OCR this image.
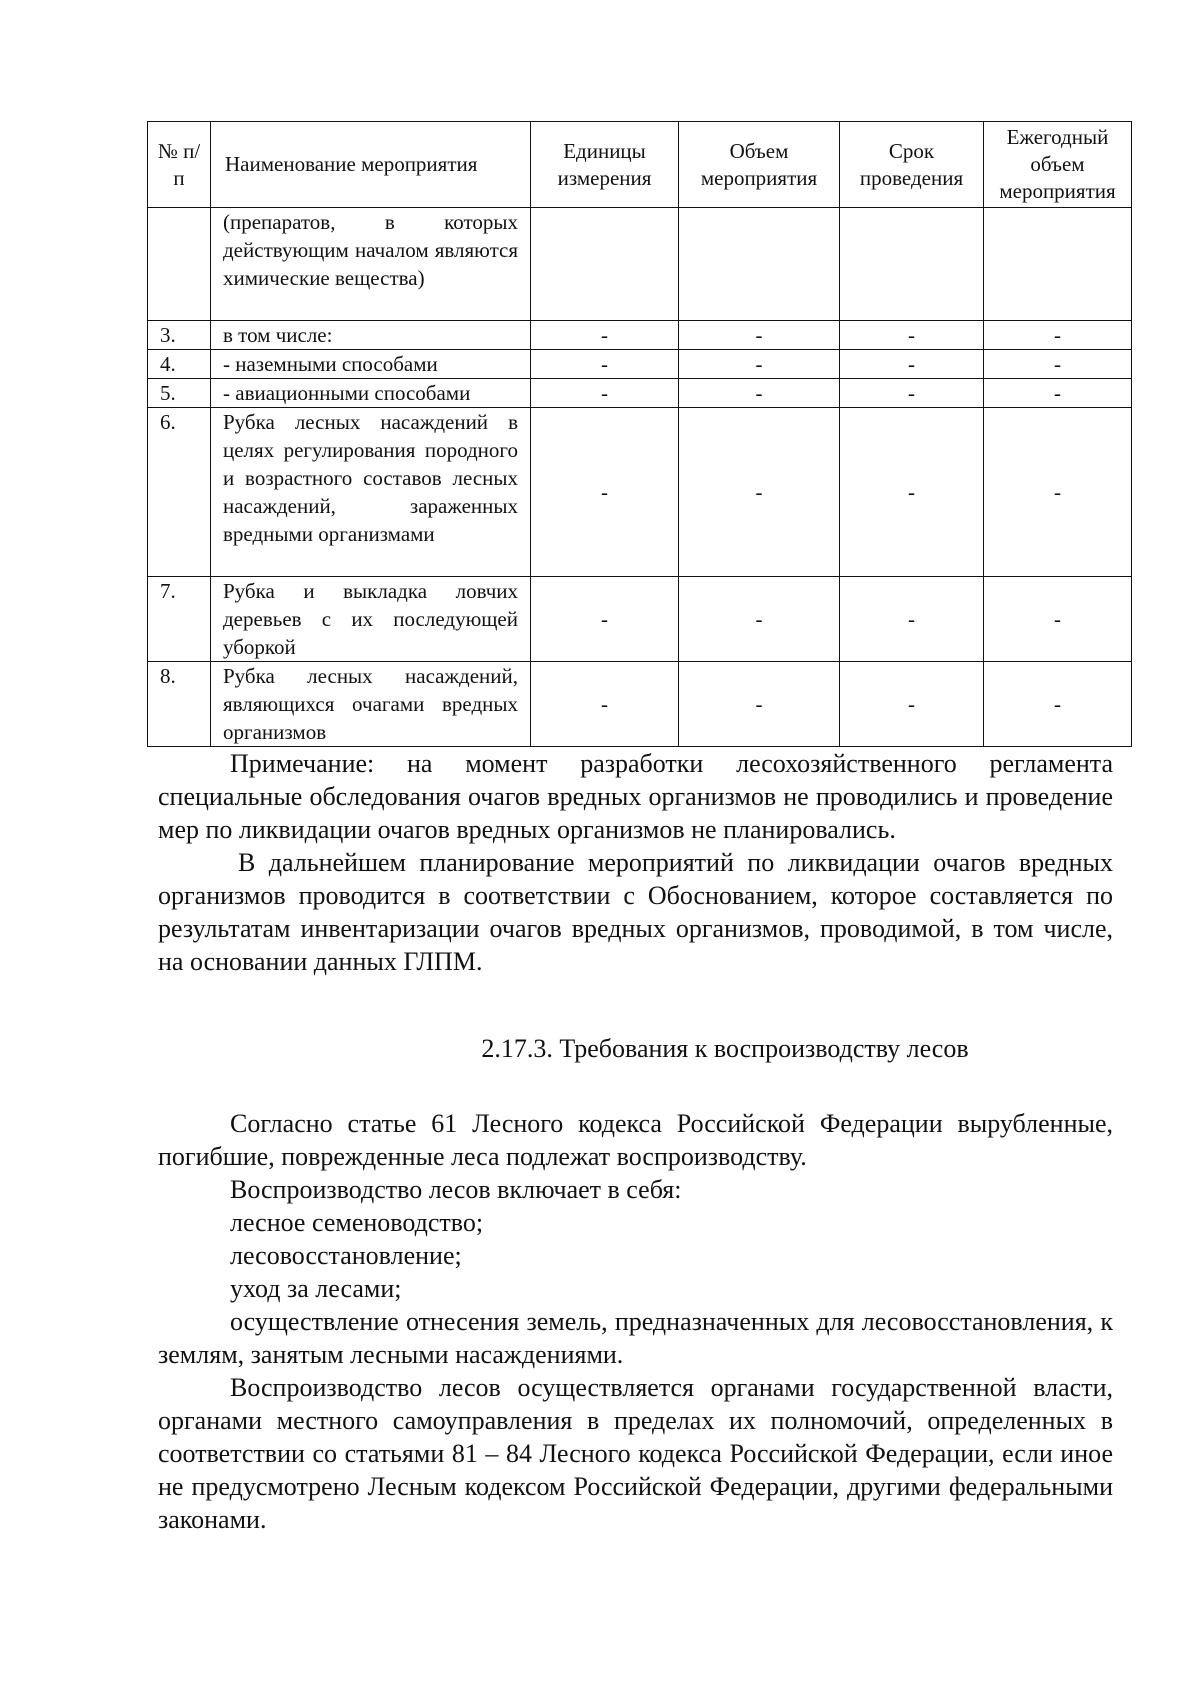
№ п/п	Наименование мероприятия	Единицы измерения	Объем мероприятия	Срок проведения	Ежегодный объем мероприятия
	(препаратов, в которых действующим началом являются химические вещества)				
3.	в том числе:	-	-	-	-
4.	- наземными способами	-	-	-	-
5.	- авиационными способами	-	-	-	-
6.	Рубка лесных насаждений в целях регулирования породного и возрастного составов лесных насаждений, зараженных вредными организмами	-	-	-	-
7.	Рубка и выкладка ловчих деревьев с их последующей уборкой	-	-	-	-
8.	Рубка лесных насаждений, являющихся очагами вредных организмов	-	-	-	-

Примечание: на момент разработки лесохозяйственного регламента специальные обследования очагов вредных организмов не проводились и проведение мер по ликвидации очагов вредных организмов не планировались.

В дальнейшем планирование мероприятий по ликвидации очагов вредных организмов проводится в соответствии с Обоснованием, которое составляется по результатам инвентаризации очагов вредных организмов, проводимой, в том числе, на основании данных ГЛПМ.

2.17.3. Требования к воспроизводству лесов

Согласно статье 61 Лесного кодекса Российской Федерации вырубленные, погибшие, поврежденные леса подлежат воспроизводству.

Воспроизводство лесов включает в себя:

лесное семеноводство;

лесовосстановление;

уход за лесами;

осуществление отнесения земель, предназначенных для лесовосстановления, к землям, занятым лесными насаждениями.

Воспроизводство лесов осуществляется органами государственной власти, органами местного самоуправления в пределах их полномочий, определенных в соответствии со статьями 81 – 84 Лесного кодекса Российской Федерации, если иное не предусмотрено Лесным кодексом Российской Федерации, другими федеральными законами.
